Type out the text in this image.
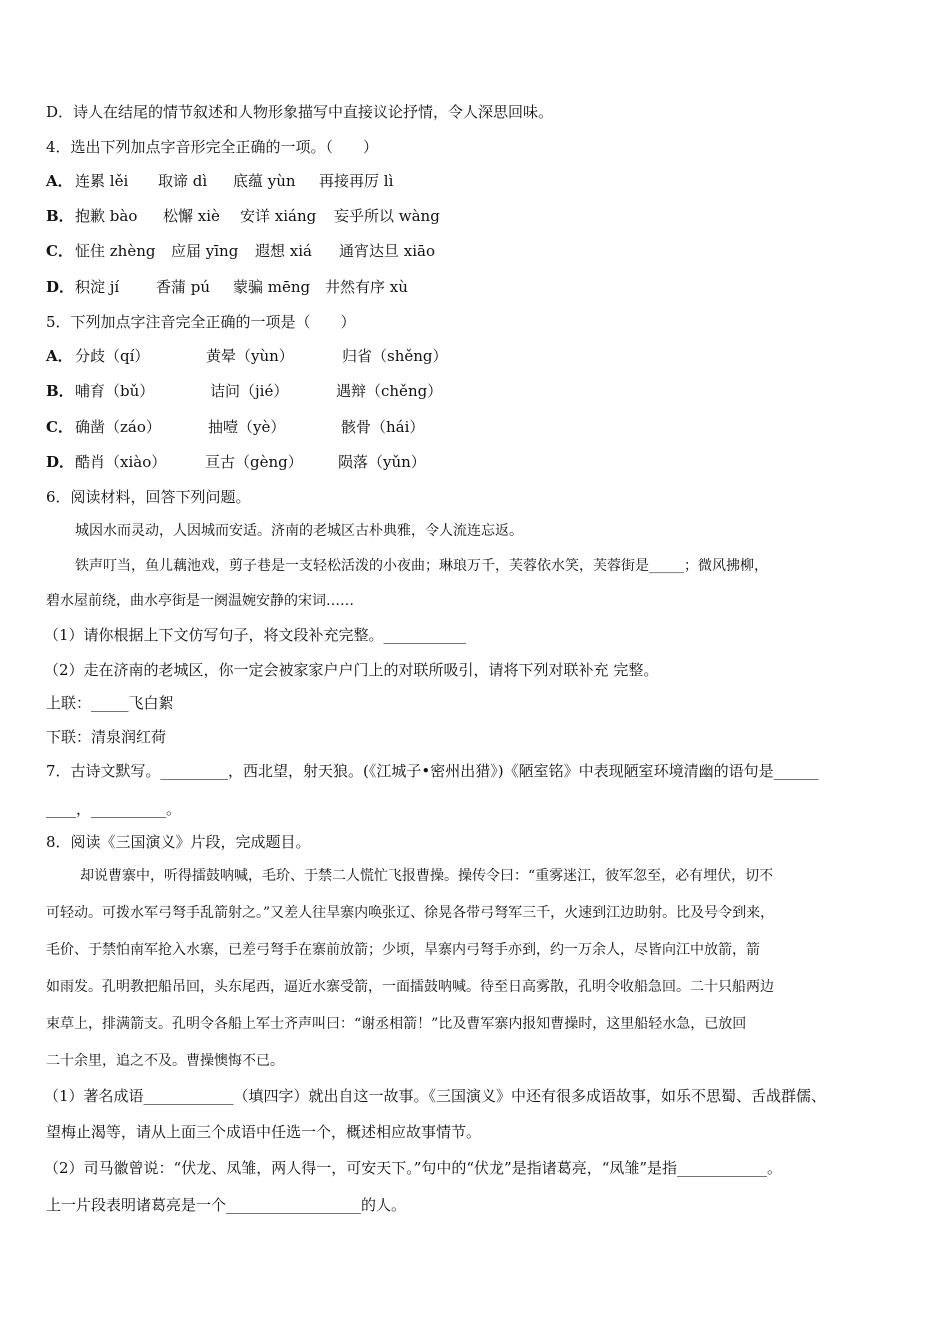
D．诗人在结尾的情节叙述和人物形象描写中直接议论抒情，令人深思回味。
4．选出下列加点字音形完全正确的一项。（　　）
A． 连累 lěi 取谛 dì 底蕴 yùn 再接再厉 lì
B． 抱歉 bào 松懈 xiè 安详 xiáng 妄乎所以 wàng
C． 怔住 zhèng 应届 yīng 遐想 xiá 通宵达旦 xiāo
D． 积淀 jí 香蒲 pú 蒙骗 mēng 井然有序 xù
5．下列加点字注音完全正确的一项是（　　）
A． 分歧（qí）	黄晕（yùn）	归省（shěng）
B． 哺育（bǔ）	诘问（jié）	遇辩（chěng）
C． 确凿（záo）	抽噎（yè）	骸骨（hái）
D． 酷肖（xiào）	亘古（gèng） 陨落（yǔn）
6．阅读材料，回答下列问题。
城因水而灵动，人因城而安适。济南的老城区古朴典雅，令人流连忘返。
铁声叮当，鱼儿藕池戏，剪子巷是一支轻松活泼的小夜曲；琳琅万千，芙蓉依水笑，芙蓉街是_____；微风拂柳，
碧水屋前绕，曲水亭街是一阕温婉安静的宋词……
（1）请你根据上下文仿写句子，将文段补充完整。___________
（2）走在济南的老城区，你一定会被家家户户门上的对联所吸引，请将下列对联补充 完整。
上联：_____飞白絮
下联：清泉润红荷
7．古诗文默写。_________，西北望，射天狼。(《江城子•密州出猎》)《陋室铭》中表现陋室环境清幽的语句是______
____，__________。
8．阅读《三国演义》片段，完成题目。
却说曹寨中，听得擂鼓呐喊，毛玠、于禁二人慌忙飞报曹操。操传令曰：“重雾迷江，彼军忽至，必有埋伏，切不
可轻动。可拨水军弓弩手乱箭射之。”又差人往旱寨内唤张辽、徐晃各带弓弩军三千，火速到江边助射。比及号令到来，
毛价、于禁怕南军抢入水寨，已差弓弩手在寨前放箭；少顷，旱寨内弓弩手亦到，约一万余人，尽皆向江中放箭，箭
如雨发。孔明教把船吊回，头东尾西，逼近水寨受箭，一面擂鼓呐喊。待至日高雾散，孔明令收船急回。二十只船两边
束草上，排满箭支。孔明令各船上军士齐声叫曰：“谢丞相箭！”比及曹军寨内报知曹操时，这里船轻水急，已放回
二十余里，追之不及。曹操懊悔不已。
（1）著名成语____________（填四字）就出自这一故事。《三国演义》中还有很多成语故事，如乐不思蜀、舌战群儒、
望梅止渴等，请从上面三个成语中任选一个，概述相应故事情节。
（2）司马徽曾说：“伏龙、凤雏，两人得一，可安天下。”句中的“伏龙”是指诸葛亮，“凤雏”是指____________。
上一片段表明诸葛亮是一个__________________的人。
